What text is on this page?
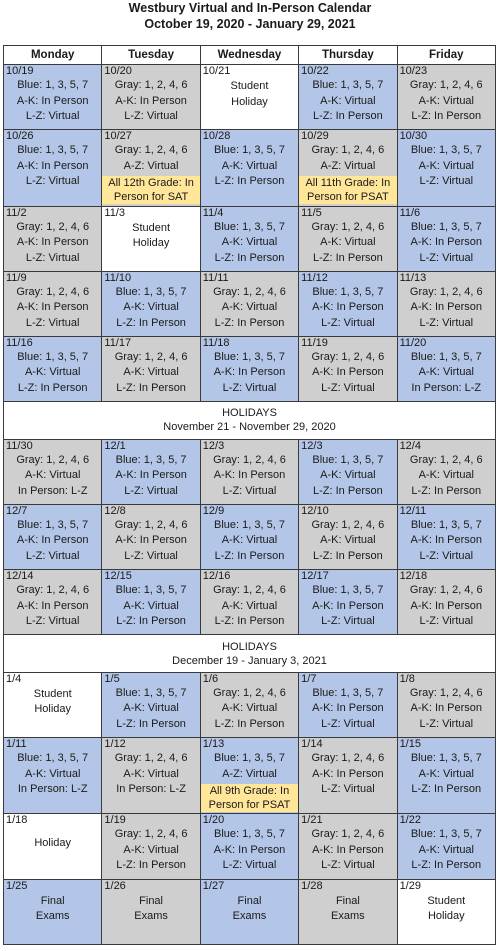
Westbury Virtual and In-Person Calendar
October 19, 2020 - January 29, 2021
Monday	Tuesday	Wednesday	Thursday	Friday

10/19
Blue: 1, 3, 5, 7
A-K: In Person
L-Z: Virtual	10/20
Gray: 1, 2, 4, 6
A-K: In Person
L-Z: Virtual	10/21
Student
Holiday	10/22
Blue: 1, 3, 5, 7
A-K: Virtual
L-Z: In Person	10/23
Gray: 1, 2, 4, 6
A-K: Virtual
L-Z: In Person

10/26
Blue: 1, 3, 5, 7
A-K: In Person
L-Z: Virtual	10/27
Gray: 1, 2, 4, 6
A-Z: Virtual
All 12th Grade: In Person for SAT	10/28
Blue: 1, 3, 5, 7
A-K: Virtual
L-Z: In Person	10/29
Gray: 1, 2, 4, 6
A-Z: Virtual
All 11th Grade: In Person for PSAT	10/30
Blue: 1, 3, 5, 7
A-K: Virtual
L-Z: Virtual

11/2
Gray: 1, 2, 4, 6
A-K: In Person
L-Z: Virtual	11/3
Student
Holiday	11/4
Blue: 1, 3, 5, 7
A-K: Virtual
L-Z: In Person	11/5
Gray: 1, 2, 4, 6
A-K: Virtual
L-Z: In Person	11/6
Blue: 1, 3, 5, 7
A-K: In Person
L-Z: Virtual

11/9
Gray: 1, 2, 4, 6
A-K: In Person
L-Z: Virtual	11/10
Blue: 1, 3, 5, 7
A-K: Virtual
L-Z: In Person	11/11
Gray: 1, 2, 4, 6
A-K: Virtual
L-Z: In Person	11/12
Blue: 1, 3, 5, 7
A-K: In Person
L-Z: Virtual	11/13
Gray: 1, 2, 4, 6
A-K: In Person
L-Z: Virtual

11/16
Blue: 1, 3, 5, 7
A-K: Virtual
L-Z: In Person	11/17
Gray: 1, 2, 4, 6
A-K: Virtual
L-Z: In Person	11/18
Blue: 1, 3, 5, 7
A-K: In Person
L-Z: Virtual	11/19
Gray: 1, 2, 4, 6
A-K: In Person
L-Z: Virtual	11/20
Blue: 1, 3, 5, 7
A-K: Virtual
In Person: L-Z

HOLIDAYS
November 21 - November 29, 2020				

11/30
Gray: 1, 2, 4, 6
A-K: Virtual
In Person: L-Z	12/1
Blue: 1, 3, 5, 7
A-K: In Person
L-Z: Virtual	12/3
Gray: 1, 2, 4, 6
A-K: In Person
L-Z: Virtual	12/3
Blue: 1, 3, 5, 7
A-K: Virtual
L-Z: In Person	12/4
Gray: 1, 2, 4, 6
A-K: Virtual
L-Z: In Person

12/7
Blue: 1, 3, 5, 7
A-K: In Person
L-Z: Virtual	12/8
Gray: 1, 2, 4, 6
A-K: In Person
L-Z: Virtual	12/9
Blue: 1, 3, 5, 7
A-K: Virtual
L-Z: In Person	12/10
Gray: 1, 2, 4, 6
A-K: Virtual
L-Z: In Person	12/11
Blue: 1, 3, 5, 7
A-K: In Person
L-Z: Virtual

12/14
Gray: 1, 2, 4, 6
A-K: In Person
L-Z: Virtual	12/15
Blue: 1, 3, 5, 7
A-K: Virtual
L-Z: In Person	12/16
Gray: 1, 2, 4, 6
A-K: Virtual
L-Z: In Person	12/17
Blue: 1, 3, 5, 7
A-K: In Person
L-Z: Virtual	12/18
Gray: 1, 2, 4, 6
A-K: In Person
L-Z: Virtual

HOLIDAYS
December 19 - January 3, 2021				

1/4
Student
Holiday	1/5
Blue: 1, 3, 5, 7
A-K: Virtual
L-Z: In Person	1/6
Gray: 1, 2, 4, 6
A-K: Virtual
L-Z: In Person	1/7
Blue: 1, 3, 5, 7
A-K: In Person
L-Z: Virtual	1/8
Gray: 1, 2, 4, 6
A-K: In Person
L-Z: Virtual

1/11
Blue: 1, 3, 5, 7
A-K: Virtual
In Person: L-Z	1/12
Gray: 1, 2, 4, 6
A-K: Virtual
In Person: L-Z	1/13
Blue: 1, 3, 5, 7
A-Z: Virtual
All 9th Grade: In Person for PSAT	1/14
Gray: 1, 2, 4, 6
A-K: In Person
L-Z: Virtual	1/15
Blue: 1, 3, 5, 7
A-K: Virtual
L-Z: In Person

1/18
Holiday	1/19
Gray: 1, 2, 4, 6
A-K: Virtual
L-Z: In Person	1/20
Blue: 1, 3, 5, 7
A-K: In Person
L-Z: Virtual	1/21
Gray: 1, 2, 4, 6
A-K: In Person
L-Z: Virtual	1/22
Blue: 1, 3, 5, 7
A-K: Virtual
L-Z: In Person

1/25
Final
Exams	1/26
Final
Exams	1/27
Final
Exams	1/28
Final
Exams	1/29
Student
Holiday
